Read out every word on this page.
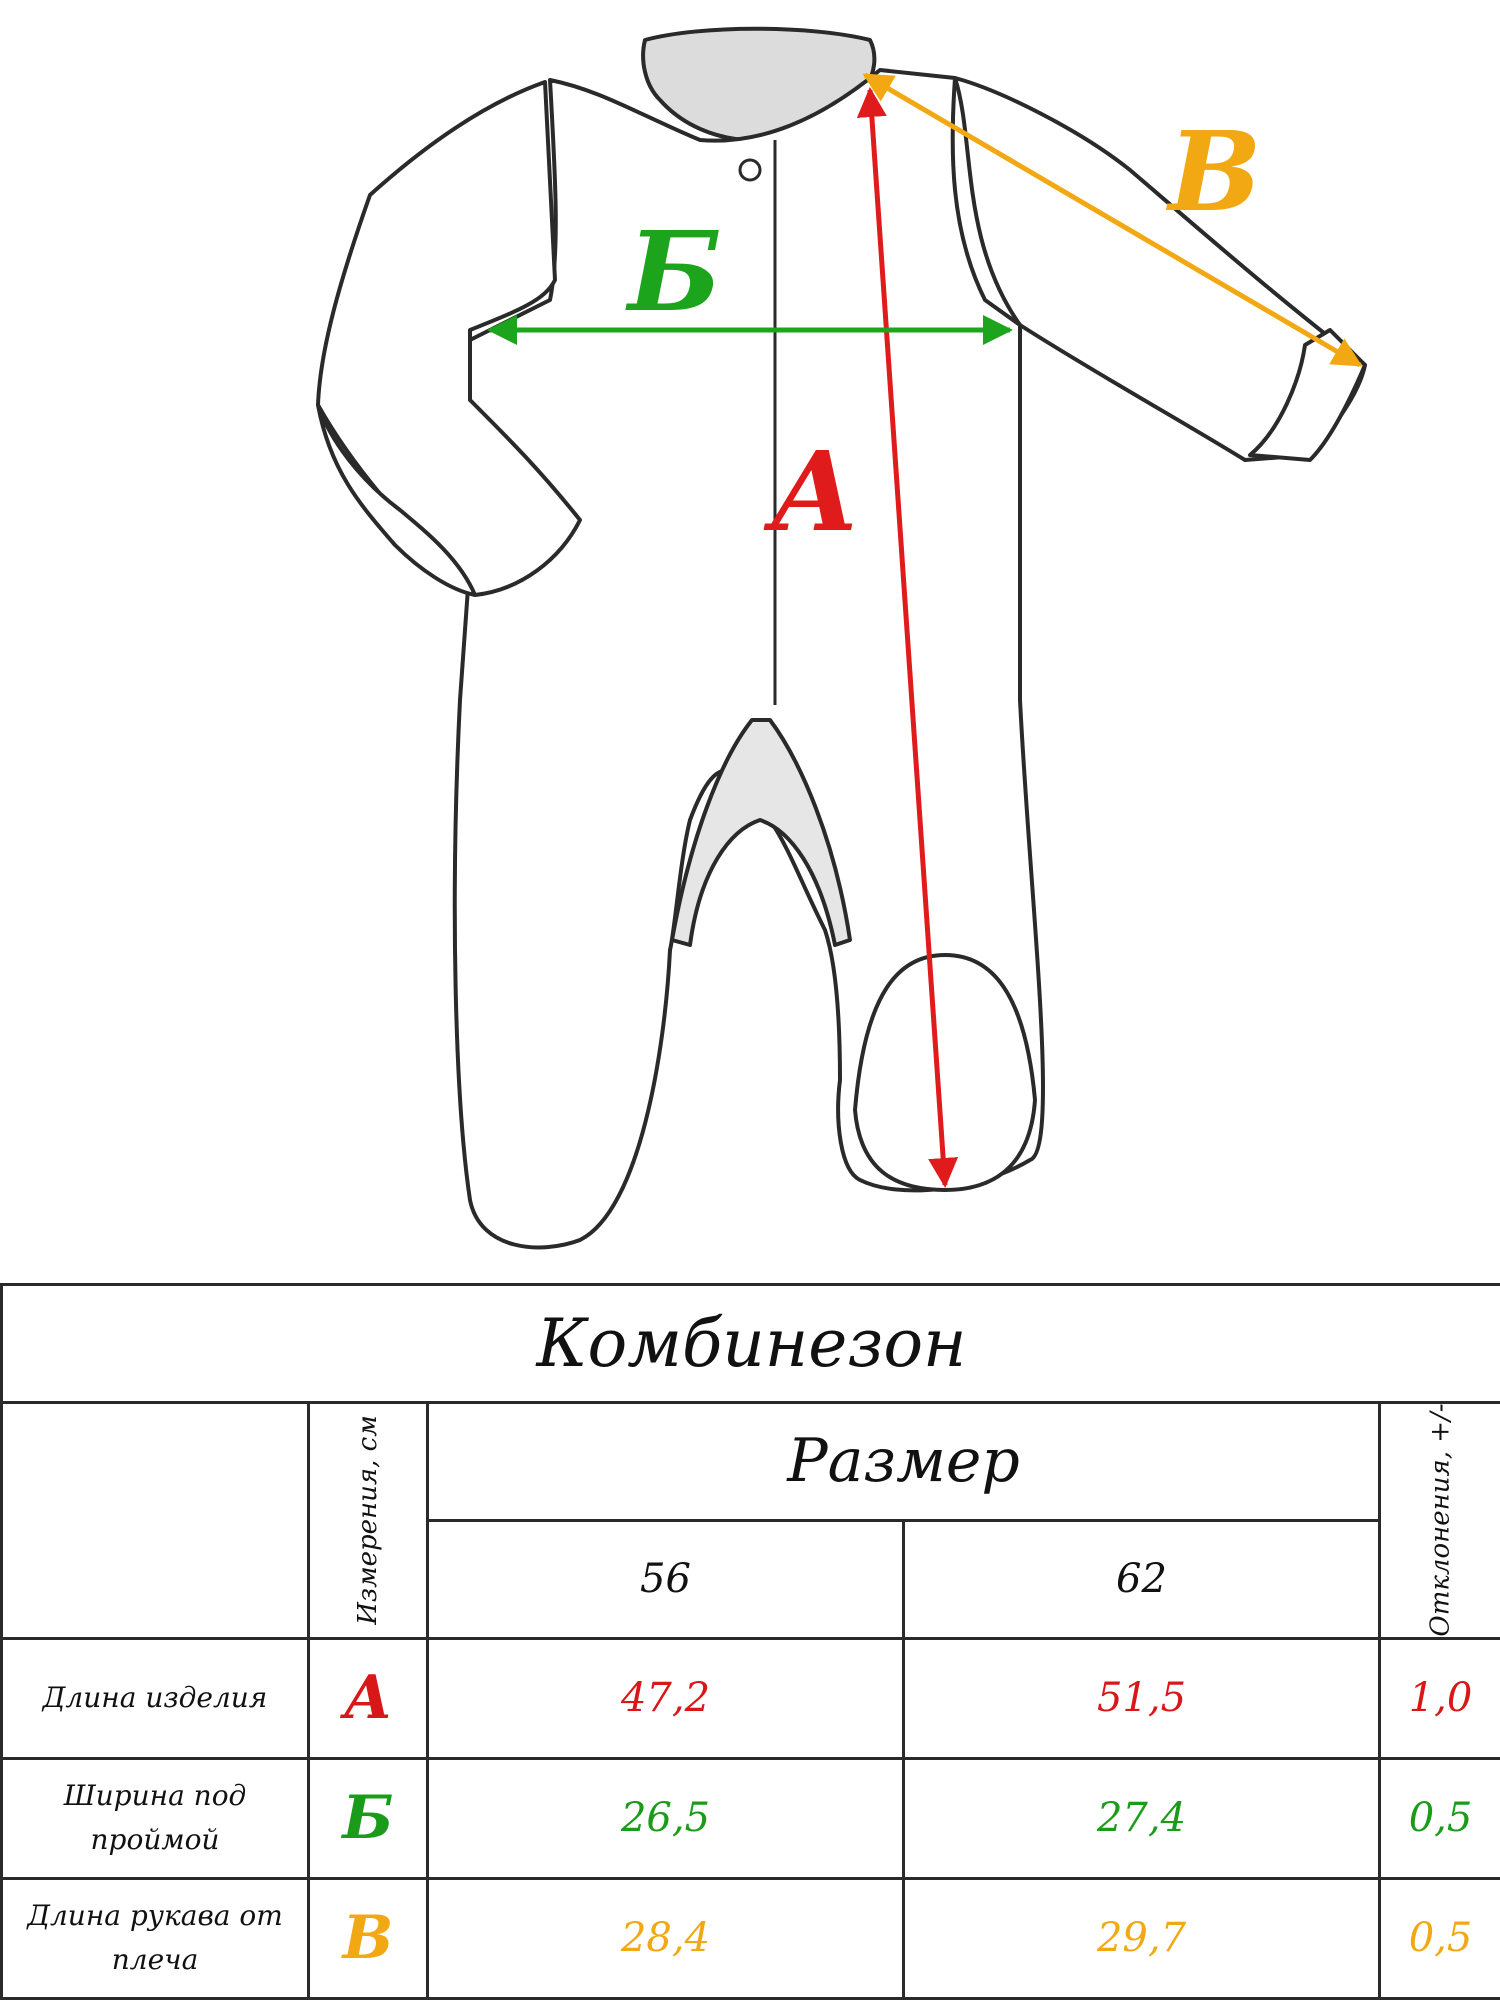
А
Б
В
Комбинезон				

	Измерения, см	Размер		Отклонения, +/-

		56	62	
Длина изделия	А	47,2	51,5	1,0
Ширина под проймой	Б	26,5	27,4	0,5
Длина рукава от плеча	В	28,4	29,7	0,5
